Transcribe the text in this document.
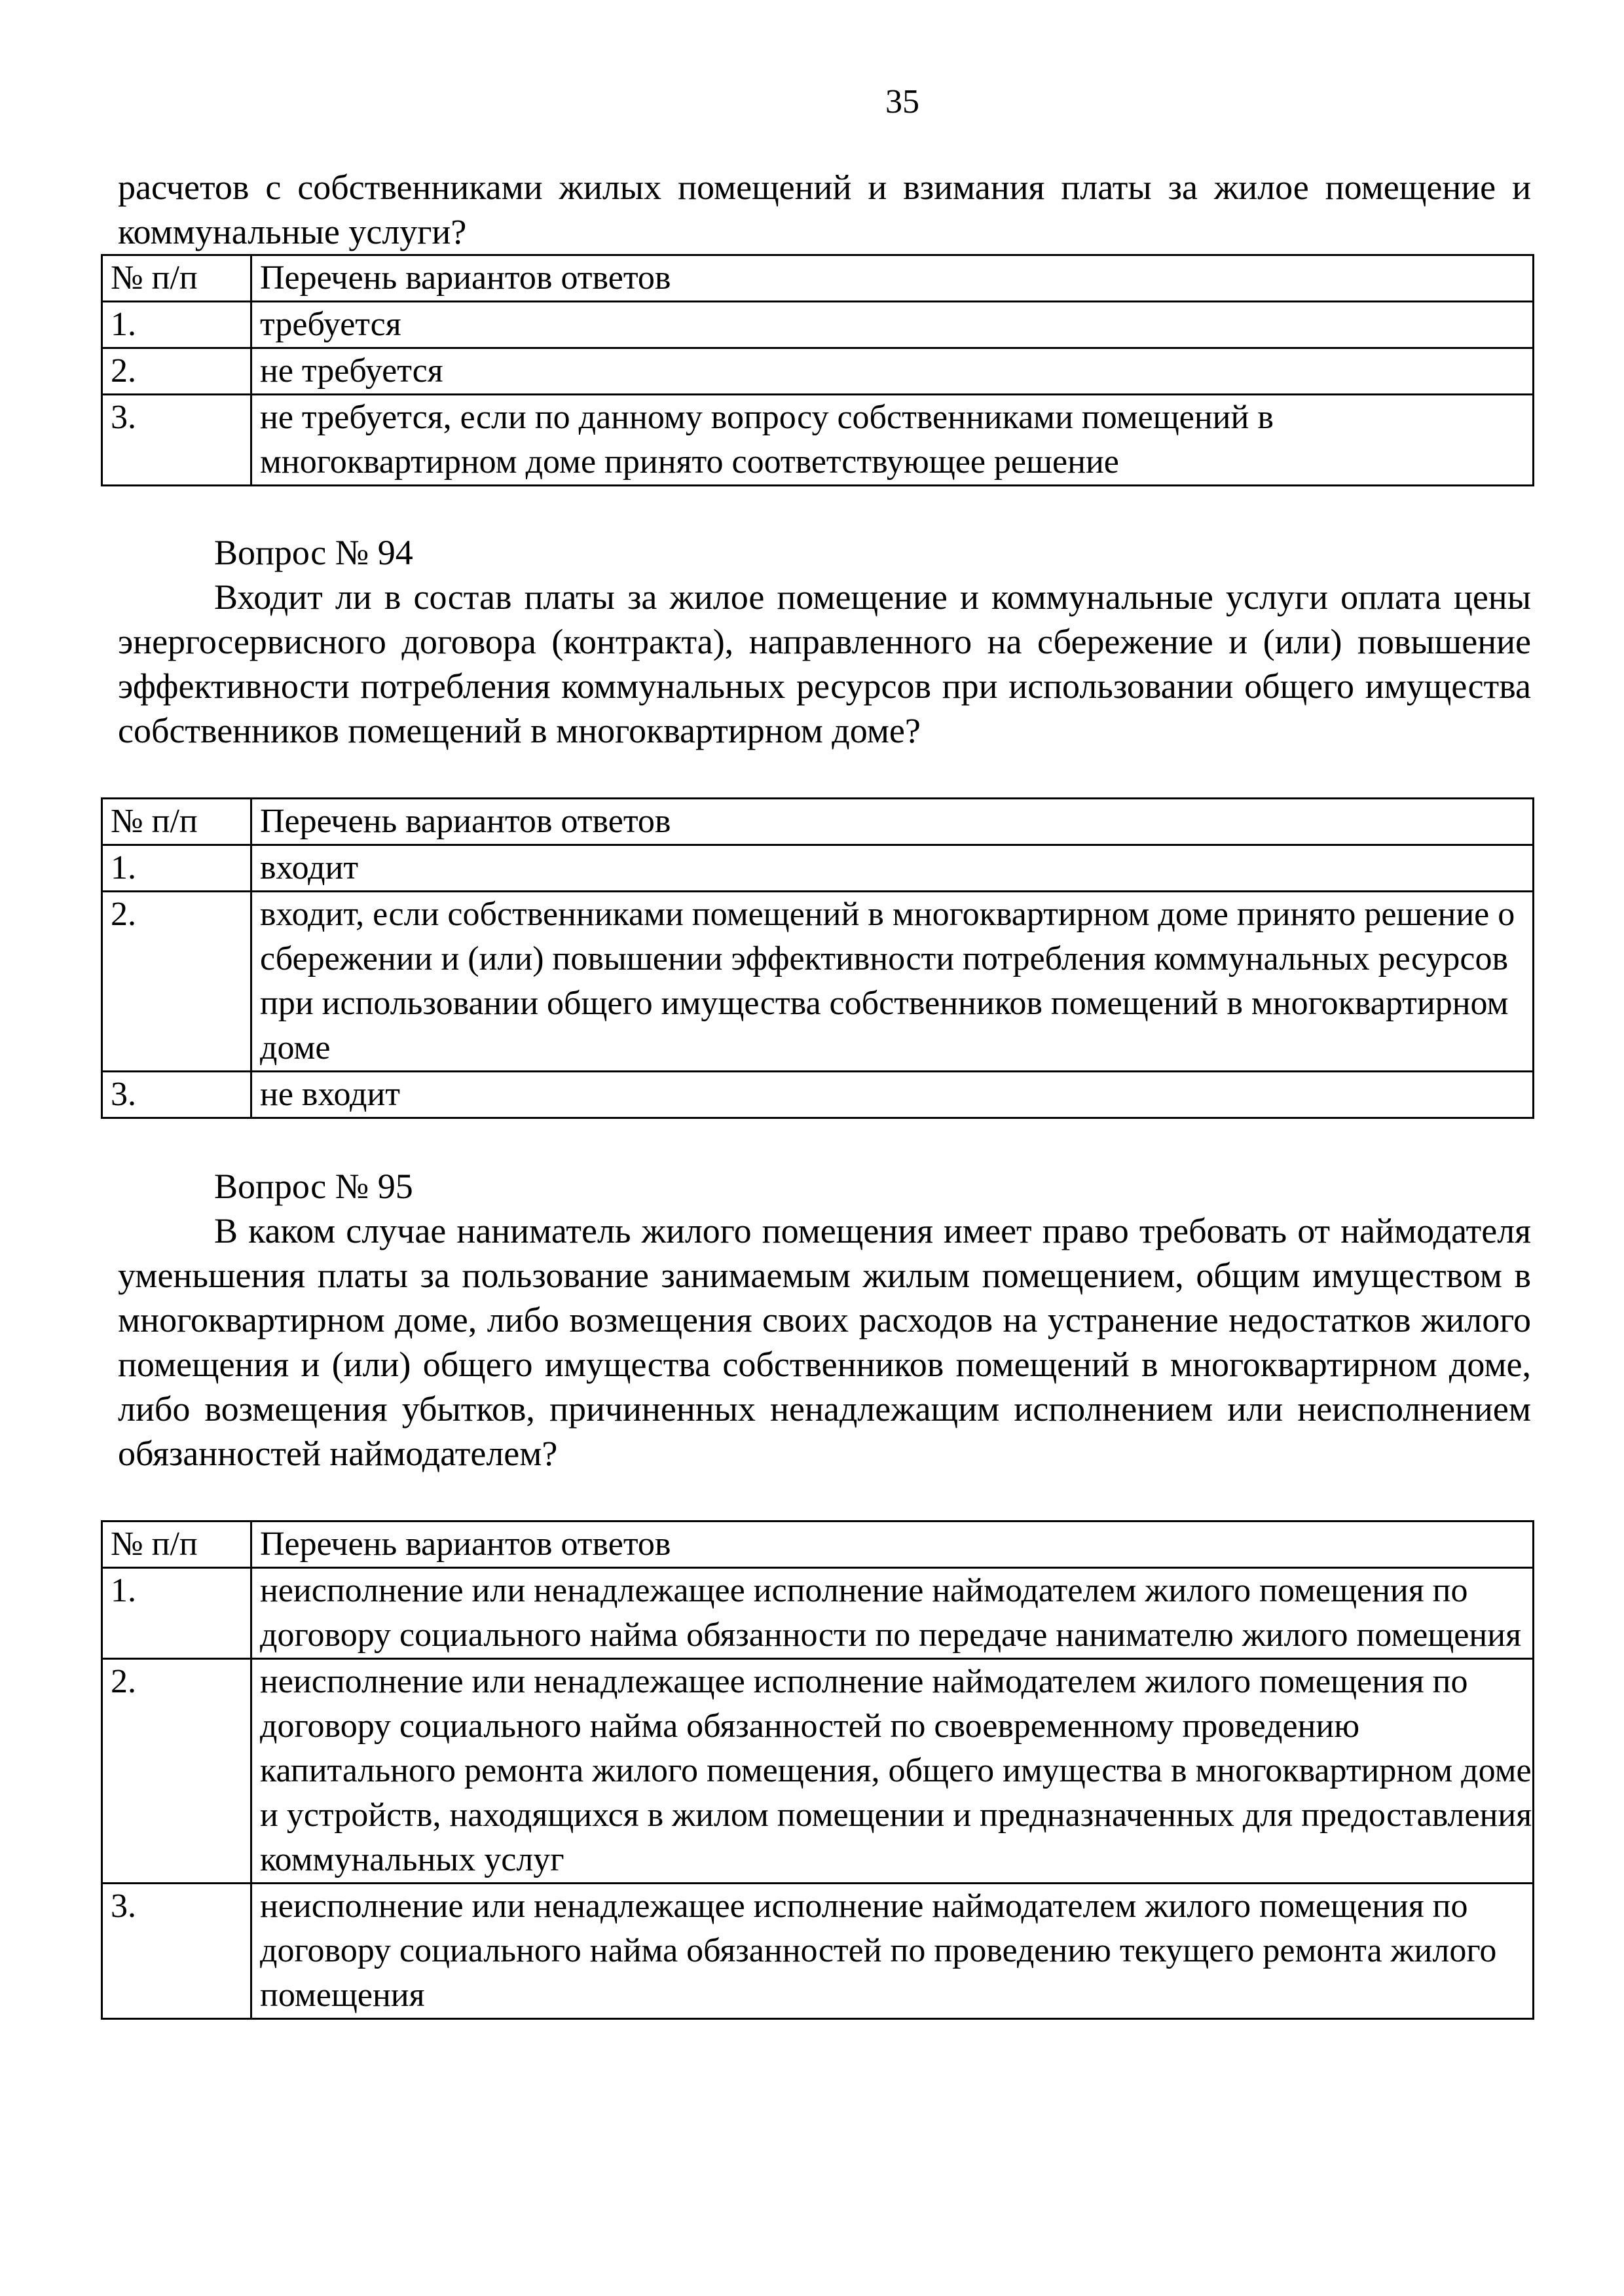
35

расчетов с собственниками жилых помещений и взимания платы за жилое помещение и коммунальные услуги?

№ п/п	Перечень вариантов ответов
1.	требуется
2.	не требуется
3.	не требуется, если по данному вопросу собственниками помещений в многоквартирном доме принято соответствующее решение

Вопрос № 94

Входит ли в состав платы за жилое помещение и коммунальные услуги оплата цены энергосервисного договора (контракта), направленного на сбережение и (или) повышение эффективности потребления коммунальных ресурсов при использовании общего имущества собственников помещений в многоквартирном доме?

№ п/п	Перечень вариантов ответов
1.	входит
2.	входит, если собственниками помещений в многоквартирном доме принято решение о сбережении и (или) повышении эффективности потребления коммунальных ресурсов при использовании общего имущества собственников помещений в многоквартирном доме
3.	не входит

Вопрос № 95

В каком случае наниматель жилого помещения имеет право требовать от наймодателя уменьшения платы за пользование занимаемым жилым помещением, общим имуществом в многоквартирном доме, либо возмещения своих расходов на устранение недостатков жилого помещения и (или) общего имущества собственников помещений в многоквартирном доме, либо возмещения убытков, причиненных ненадлежащим исполнением или неисполнением обязанностей наймодателем?

№ п/п	Перечень вариантов ответов
1.	неисполнение или ненадлежащее исполнение наймодателем жилого помещения по договору социального найма обязанности по передаче нанимателю жилого помещения
2.	неисполнение или ненадлежащее исполнение наймодателем жилого помещения по договору социального найма обязанностей по своевременному проведению капитального ремонта жилого помещения, общего имущества в многоквартирном доме и устройств, находящихся в жилом помещении и предназначенных для предоставления коммунальных услуг
3.	неисполнение или ненадлежащее исполнение наймодателем жилого помещения по договору социального найма обязанностей по проведению текущего ремонта жилого помещения
